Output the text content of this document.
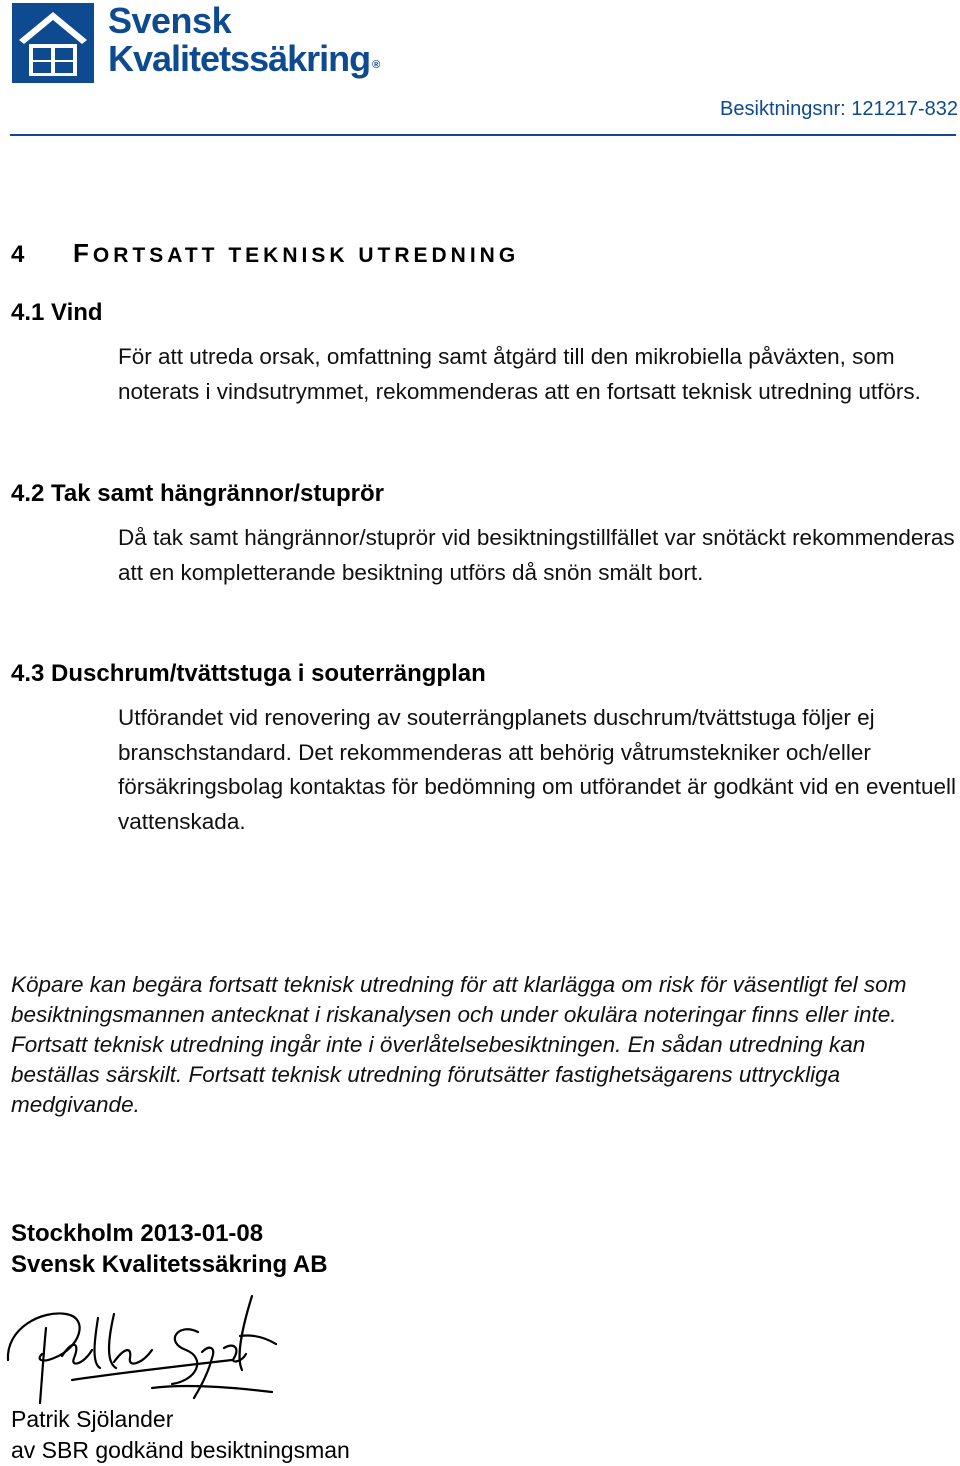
Svensk
Kvalitetssäkring ®
Besiktningsnr: 121217-832
4 FORTSATT TEKNISK UTREDNING
4.1 Vind
För att utreda orsak, omfattning samt åtgärd till den mikrobiella påväxten, som noterats i vindsutrymmet, rekommenderas att en fortsatt teknisk utredning utförs.
4.2 Tak samt hängrännor/stuprör
Då tak samt hängrännor/stuprör vid besiktningstillfället var snötäckt rekommenderas att en kompletterande besiktning utförs då snön smält bort.
4.3 Duschrum/tvättstuga i souterrängplan
Utförandet vid renovering av souterrängplanets duschrum/tvättstuga följer ej branschstandard. Det rekommenderas att behörig våtrumstekniker och/eller försäkringsbolag kontaktas för bedömning om utförandet är godkänt vid en eventuell vattenskada.
Köpare kan begära fortsatt teknisk utredning för att klarlägga om risk för väsentligt fel som besiktningsmannen antecknat i riskanalysen och under okulära noteringar finns eller inte. Fortsatt teknisk utredning ingår inte i överlåtelsebesiktningen. En sådan utredning kan beställas särskilt. Fortsatt teknisk utredning förutsätter fastighetsägarens uttryckliga medgivande.
Stockholm 2013-01-08
Svensk Kvalitetssäkring AB
Patrik Sjölander
av SBR godkänd besiktningsman
